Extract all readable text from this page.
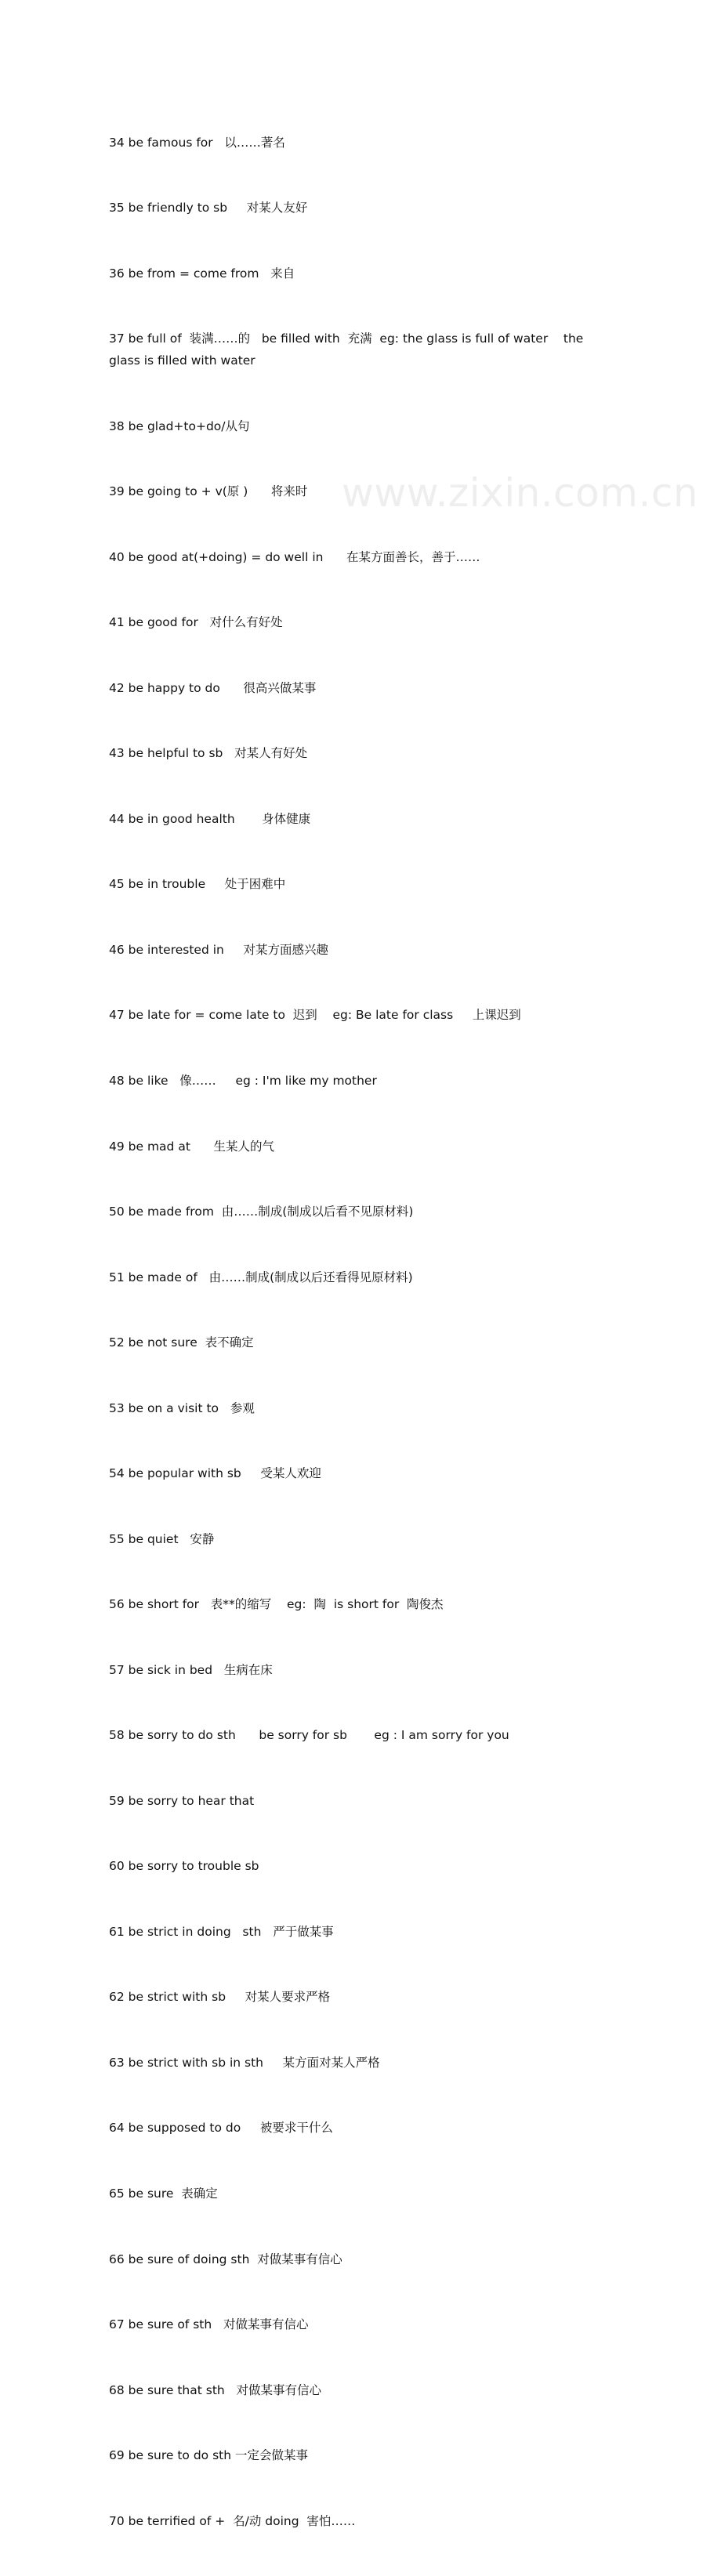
34 be famous for   以……著名

35 be friendly to sb     对某人友好

36 be from = come from   来自

37 be full of  装满……的   be filled with  充满  eg: the glass is full of water    the glass is filled with water

38 be glad+to+do/从句

39 be going to + v(原 )      将来时

40 be good at(+doing) = do well in      在某方面善长，善于……

41 be good for   对什么有好处

42 be happy to do      很高兴做某事

43 be helpful to sb   对某人有好处

44 be in good health       身体健康

45 be in trouble     处于困难中

46 be interested in     对某方面感兴趣

47 be late for = come late to  迟到    eg: Be late for class     上课迟到

48 be like   像……     eg : I'm like my mother

49 be mad at      生某人的气

50 be made from  由……制成(制成以后看不见原材料)

51 be made of   由……制成(制成以后还看得见原材料)

52 be not sure  表不确定

53 be on a visit to   参观

54 be popular with sb     受某人欢迎

55 be quiet   安静

56 be short for   表**的缩写    eg:  陶  is short for  陶俊杰

57 be sick in bed   生病在床

58 be sorry to do sth      be sorry for sb       eg : I am sorry for you

59 be sorry to hear that

60 be sorry to trouble sb

61 be strict in doing   sth   严于做某事

62 be strict with sb     对某人要求严格

63 be strict with sb in sth     某方面对某人严格

64 be supposed to do     被要求干什么

65 be sure  表确定

66 be sure of doing sth  对做某事有信心

67 be sure of sth   对做某事有信心

68 be sure that sth   对做某事有信心

69 be sure to do sth 一定会做某事

70 be terrified of +  名/动 doing  害怕……

www.zixin.com.cn
